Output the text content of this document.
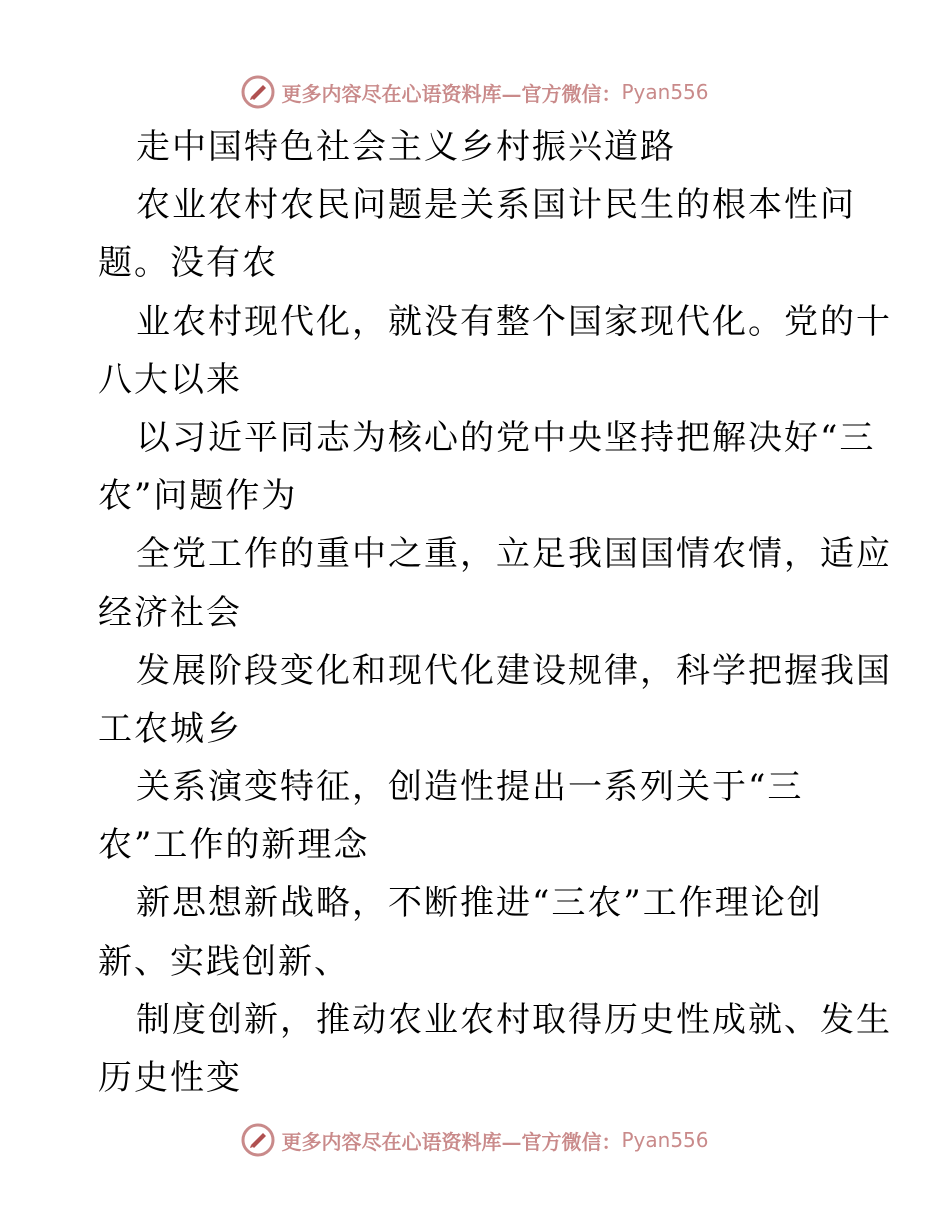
更多内容尽在心语资料库—官方微信： Pyan556
走中国特色社会主义乡村振兴道路
农业农村农民问题是关系国计民生的根本性问
题。没有农
业农村现代化，就没有整个国家现代化。党的十
八大以来
以习近平同志为核心的党中央坚持把解决好“三
农”问题作为
全党工作的重中之重，立足我国国情农情，适应
经济社会
发展阶段变化和现代化建设规律，科学把握我国
工农城乡
关系演变特征，创造性提出一系列关于“三
农”工作的新理念
新思想新战略，不断推进“三农”工作理论创
新、实践创新、
制度创新，推动农业农村取得历史性成就、发生
历史性变
更多内容尽在心语资料库—官方微信： Pyan556
